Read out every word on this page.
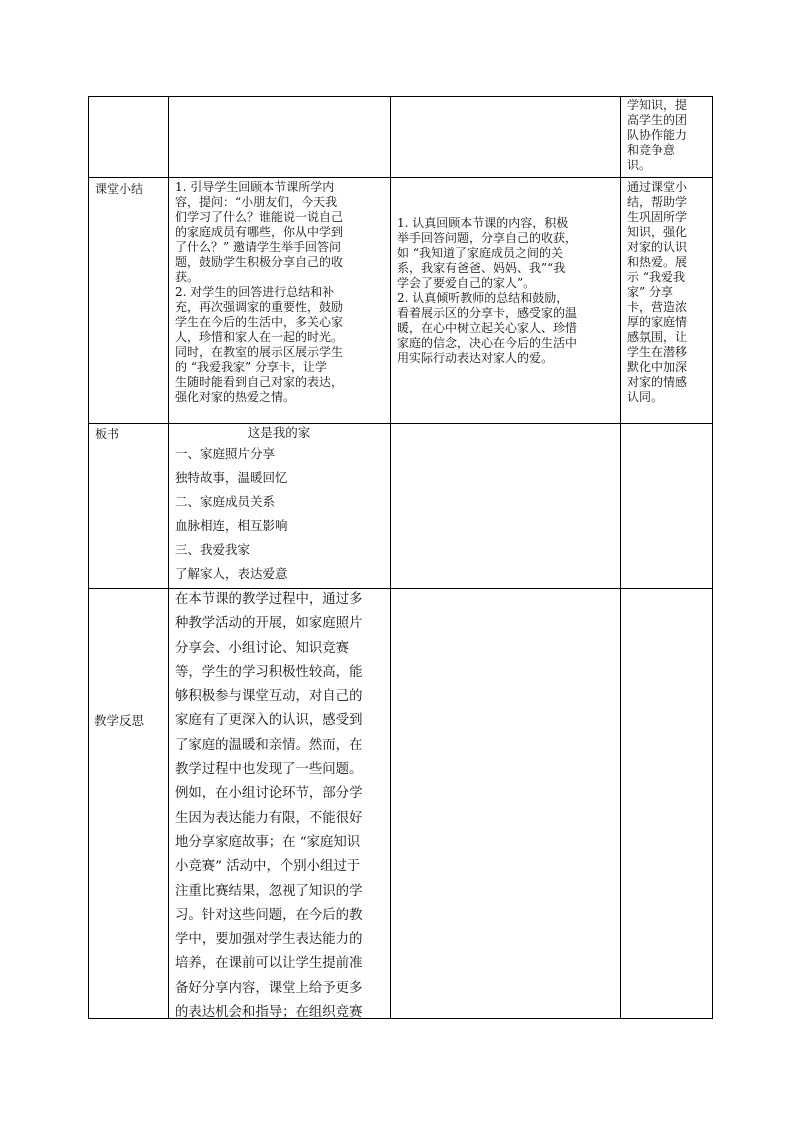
学知识，提

高学生的团

队协作能力

和竞争意

识。

课堂小结	1. 引导学生回顾本节课所学内

容，提问：“小朋友们，今天我

们学习了什么？谁能说一说自己

的家庭成员有哪些，你从中学到

了什么？” 邀请学生举手回答问

题，鼓励学生积极分享自己的收

获。

2. 对学生的回答进行总结和补

充，再次强调家的重要性，鼓励

学生在今后的生活中，多关心家

人，珍惜和家人在一起的时光。

同时，在教室的展示区展示学生

的 “我爱我家” 分享卡，让学

生随时能看到自己对家的表达，

强化对家的热爱之情。

1. 认真回顾本节课的内容，积极

举手回答问题，分享自己的收获，

如 “我知道了家庭成员之间的关

系，我家有爸爸、妈妈、我”“我

学会了要爱自己的家人”。

2. 认真倾听教师的总结和鼓励，

看着展示区的分享卡，感受家的温

暖，在心中树立起关心家人、珍惜

家庭的信念，决心在今后的生活中

用实际行动表达对家人的爱。

通过课堂小

结，帮助学

生巩固所学

知识，强化

对家的认识

和热爱。展

示 “我爱我

家” 分享

卡，营造浓

厚的家庭情

感氛围，让

学生在潜移

默化中加深

对家的情感

认同。

板书	这是我的家

一、家庭照片分享

独特故事，温暖回忆

二、家庭成员关系

血脉相连，相互影响

三、我爱我家

了解家人，表达爱意

教学反思

在本节课的教学过程中，通过多

种教学活动的开展，如家庭照片

分享会、小组讨论、知识竞赛

等，学生的学习积极性较高，能

够积极参与课堂互动，对自己的

家庭有了更深入的认识，感受到

了家庭的温暖和亲情。然而，在

教学过程中也发现了一些问题。

例如，在小组讨论环节，部分学

生因为表达能力有限，不能很好

地分享家庭故事；在 “家庭知识

小竞赛” 活动中，个别小组过于

注重比赛结果，忽视了知识的学

习。针对这些问题，在今后的教

学中，要加强对学生表达能力的

培养，在课前可以让学生提前准

备好分享内容，课堂上给予更多

的表达机会和指导；在组织竞赛
